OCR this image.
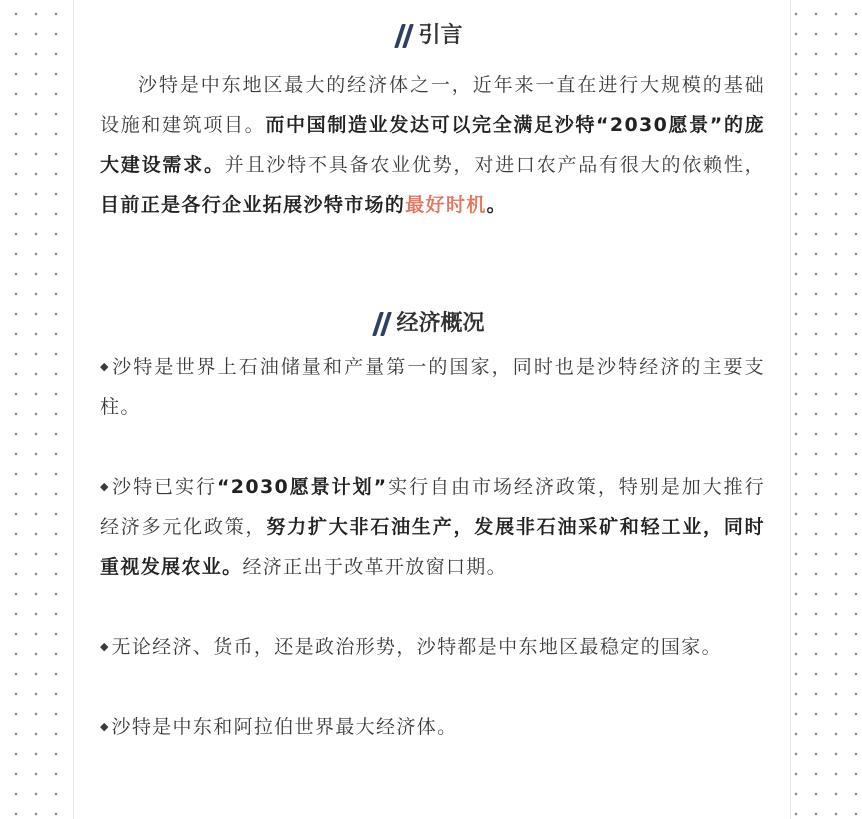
引言

沙特是中东地区最大的经济体之一，近年来一直在进行大规模的基础设施和建筑项目。而中国制造业发达可以完全满足沙特“2030愿景”的庞大建设需求。并且沙特不具备农业优势，对进口农产品有很大的依赖性，目前正是各行企业拓展沙特市场的最好时机。

经济概况

◆ 沙特是世界上石油储量和产量第一的国家，同时也是沙特经济的主要支柱。

◆ 沙特已实行“2030愿景计划”实行自由市场经济政策，特别是加大推行经济多元化政策，努力扩大非石油生产，发展非石油采矿和轻工业，同时重视发展农业。经济正出于改革开放窗口期。

◆ 无论经济、货币，还是政治形势，沙特都是中东地区最稳定的国家。

◆ 沙特是中东和阿拉伯世界最大经济体。
